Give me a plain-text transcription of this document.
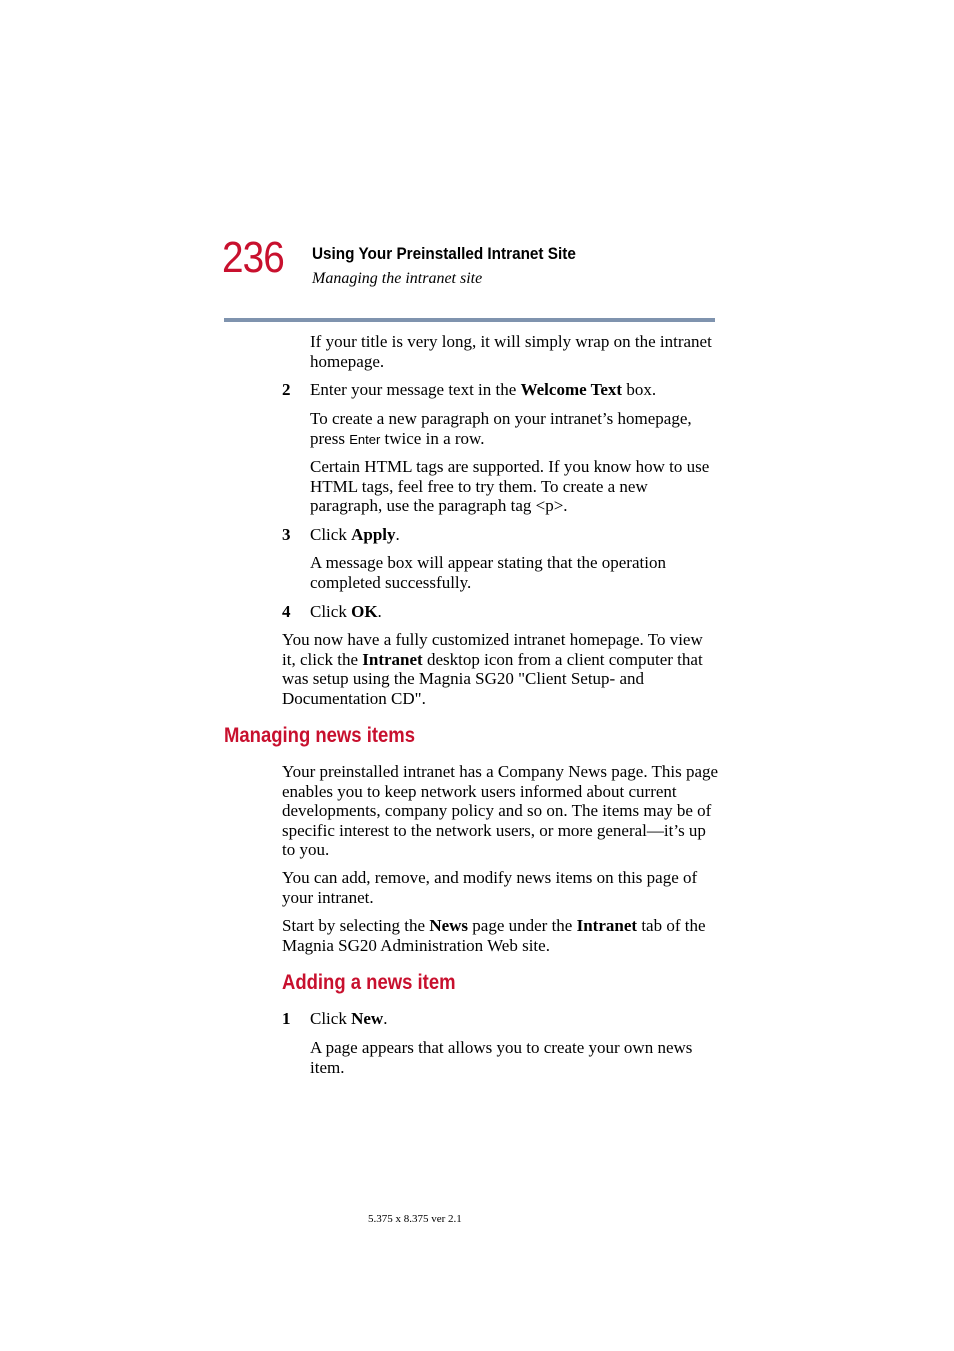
236 Using Your Preinstalled Intranet Site
Managing the intranet site

If your title is very long, it will simply wrap on the intranet homepage.

2 Enter your message text in the Welcome Text box.

To create a new paragraph on your intranet’s homepage, press Enter twice in a row.

Certain HTML tags are supported. If you know how to use HTML tags, feel free to try them. To create a new paragraph, use the paragraph tag <p>.

3 Click Apply.

A message box will appear stating that the operation completed successfully.

4 Click OK.

You now have a fully customized intranet homepage. To view it, click the Intranet desktop icon from a client computer that was setup using the Magnia SG20 "Client Setup- and Documentation CD".

Managing news items

Your preinstalled intranet has a Company News page. This page enables you to keep network users informed about current developments, company policy and so on. The items may be of specific interest to the network users, or more general—it’s up to you.

You can add, remove, and modify news items on this page of your intranet.

Start by selecting the News page under the Intranet tab of the Magnia SG20 Administration Web site.

Adding a news item
1 Click New.

A page appears that allows you to create your own news item.

5.375 x 8.375 ver 2.1
